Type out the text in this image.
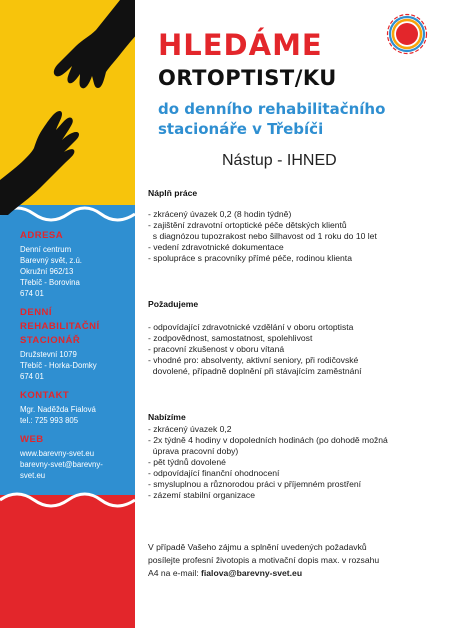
ADRESA
Denní centrum
Barevný svět, z.ú.
Okružní 962/13
Třebíč - Borovina
674 01
DENNÍ
REHABILITAČNÍ
STACIONÁŘ
Družstevní 1079
Třebíč - Horka-Domky
674 01
KONTAKT
Mgr. Naděžda Fialová
tel.: 725 993 805
WEB
www.barevny-svet.eu
barevny-svet@barevny-
svet.eu
HLEDÁME
ORTOPTIST/KU
do denního rehabilitačního
stacionáře v Třebíči
Nástup - IHNED
Náplň práce
- zkrácený úvazek 0,2 (8 hodin týdně)
- zajištění zdravotní ortoptické péče dětských klientů
s diagnózou tupozrakost nebo šilhavost od 1 roku do 10 let
- vedení zdravotnické dokumentace
- spolupráce s pracovníky přímé péče, rodinou klienta
Požadujeme
- odpovídající zdravotnické vzdělání v oboru ortoptista
- zodpovědnost, samostatnost, spolehlivost
- pracovní zkušenost v oboru vítaná
- vhodné pro: absolventy, aktivní seniory, při rodičovské
dovolené, případně doplnění při stávajícím zaměstnání
Nabízíme
- zkrácený úvazek 0,2
- 2x týdně 4 hodiny v dopoledních hodinách (po dohodě možná
úprava pracovní doby)
- pět týdnů dovolené
- odpovídající finanční ohodnocení
- smysluplnou a různorodou práci v příjemném prostření
- zázemí stabilní organizace
V případě Vašeho zájmu a splnění uvedených požadavků
posílejte profesní životopis a motivační dopis max. v rozsahu
A4 na e-mail: fialova@barevny-svet.eu
